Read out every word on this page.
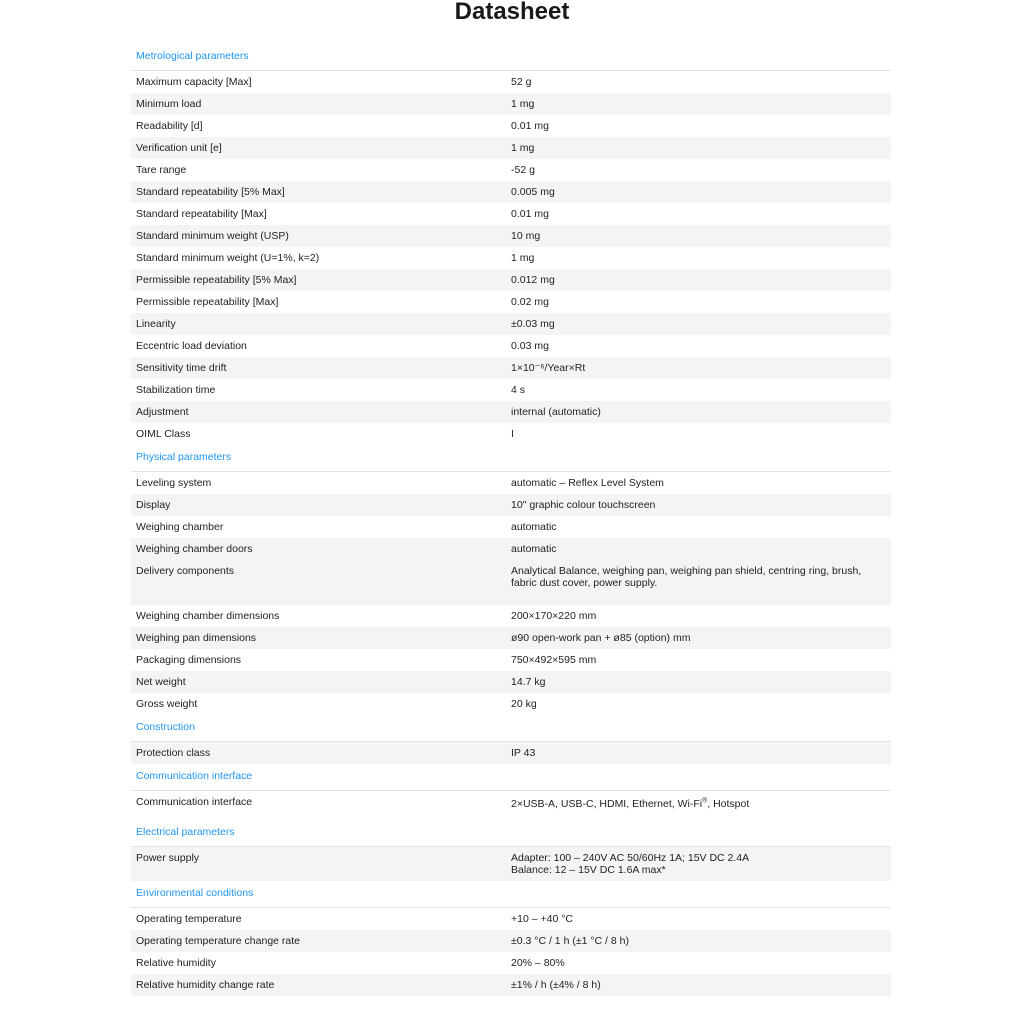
Datasheet
Metrological parameters
Maximum capacity [Max]	52 g
Minimum load	1 mg
Readability [d]	0.01 mg
Verification unit [e]	1 mg
Tare range	-52 g
Standard repeatability [5% Max]	0.005 mg
Standard repeatability [Max]	0.01 mg
Standard minimum weight (USP)	10 mg
Standard minimum weight (U=1%, k=2)	1 mg
Permissible repeatability [5% Max]	0.012 mg
Permissible repeatability [Max]	0.02 mg
Linearity	±0.03 mg
Eccentric load deviation	0.03 mg
Sensitivity time drift	1×10⁻⁶/Year×Rt
Stabilization time	4 s
Adjustment	internal (automatic)
OIML Class	I
Physical parameters
Leveling system	automatic – Reflex Level System
Display	10" graphic colour touchscreen
Weighing chamber	automatic
Weighing chamber doors	automatic
Delivery components	Analytical Balance, weighing pan, weighing pan shield, centring ring, brush, fabric dust cover, power supply.
Weighing chamber dimensions	200×170×220 mm
Weighing pan dimensions	ø90 open-work pan + ø85 (option) mm
Packaging dimensions	750×492×595 mm
Net weight	14.7 kg
Gross weight	20 kg
Construction
Protection class	IP 43
Communication interface
Communication interface	2×USB-A, USB-C, HDMI, Ethernet, Wi-Fi®, Hotspot
Electrical parameters
Power supply	Adapter: 100 – 240V AC 50/60Hz 1A; 15V DC 2.4A
Balance: 12 – 15V DC 1.6A max*
Environmental conditions
Operating temperature	+10 – +40 °C
Operating temperature change rate	±0.3 °C / 1 h (±1 °C / 8 h)
Relative humidity	20% – 80%
Relative humidity change rate	±1% / h (±4% / 8 h)
